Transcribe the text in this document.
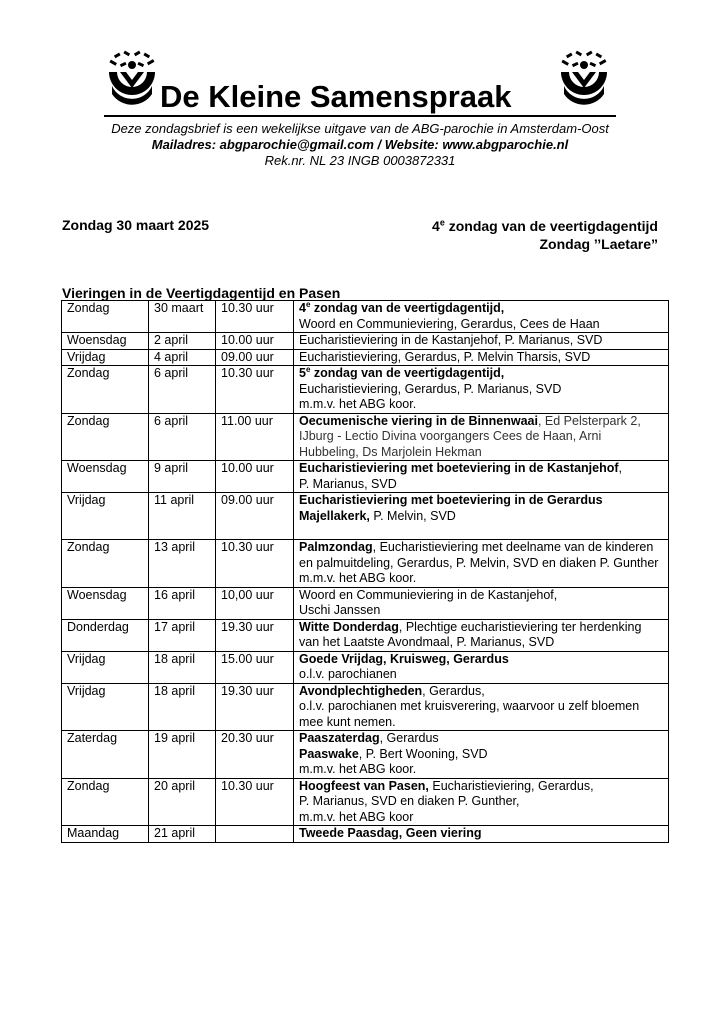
De Kleine Samenspraak
Deze zondagsbrief is een wekelijkse uitgave van de ABG-parochie in Amsterdam-Oost
Mailadres: abgparochie@gmail.com / Website: www.abgparochie.nl
Rek.nr. NL 23 INGB 0003872331
Zondag 30 maart 2025	4e zondag van de veertigdagentijd
Zondag ’’Laetare”
Vieringen in de Veertigdagentijd en Pasen
Zondag	30 maart	10.30 uur	4e zondag van de veertigdagentijd,
Woord en Communieviering, Gerardus, Cees de Haan

Woensdag	2 april	10.00 uur	Eucharistieviering in de Kastanjehof, P. Marianus, SVD

Vrijdag	4 april	09.00 uur	Eucharistieviering, Gerardus, P. Melvin Tharsis, SVD

Zondag	6 april	10.30 uur	5e zondag van de veertigdagentijd,
Eucharistieviering, Gerardus, P. Marianus, SVD
m.m.v. het ABG koor.

Zondag	6 april	11.00 uur	Oecumenische viering in de Binnenwaai, Ed Pelsterpark 2, IJburg - Lectio Divina voorgangers Cees de Haan, Arni Hubbeling, Ds Marjolein Hekman

Woensdag	9 april	10.00 uur	Eucharistieviering met boeteviering in de Kastanjehof,
P. Marianus, SVD

Vrijdag	11 april	09.00 uur	Eucharistieviering met boeteviering in de Gerardus Majellakerk, P. Melvin, SVD

Zondag	13 april	10.30 uur	Palmzondag, Eucharistieviering met deelname van de kinderen en palmuitdeling, Gerardus, P. Melvin, SVD en diaken P. Gunther
m.m.v. het ABG koor.

Woensdag	16 april	10,00 uur	Woord en Communieviering in de Kastanjehof,
Uschi Janssen

Donderdag	17 april	19.30 uur	Witte Donderdag, Plechtige eucharistieviering ter herdenking van het Laatste Avondmaal, P. Marianus, SVD

Vrijdag	18 april	15.00 uur	Goede Vrijdag, Kruisweg, Gerardus
o.l.v. parochianen

Vrijdag	18 april	19.30 uur	Avondplechtigheden, Gerardus,
o.l.v. parochianen met kruisverering, waarvoor u zelf bloemen mee kunt nemen.

Zaterdag	19 april	20.30 uur	Paaszaterdag, Gerardus
Paaswake, P. Bert Wooning, SVD
m.m.v. het ABG koor.

Zondag	20 april	10.30 uur	Hoogfeest van Pasen, Eucharistieviering, Gerardus,
P. Marianus, SVD en diaken P. Gunther,
m.m.v. het ABG koor

Maandag	21 april		Tweede Paasdag, Geen viering
